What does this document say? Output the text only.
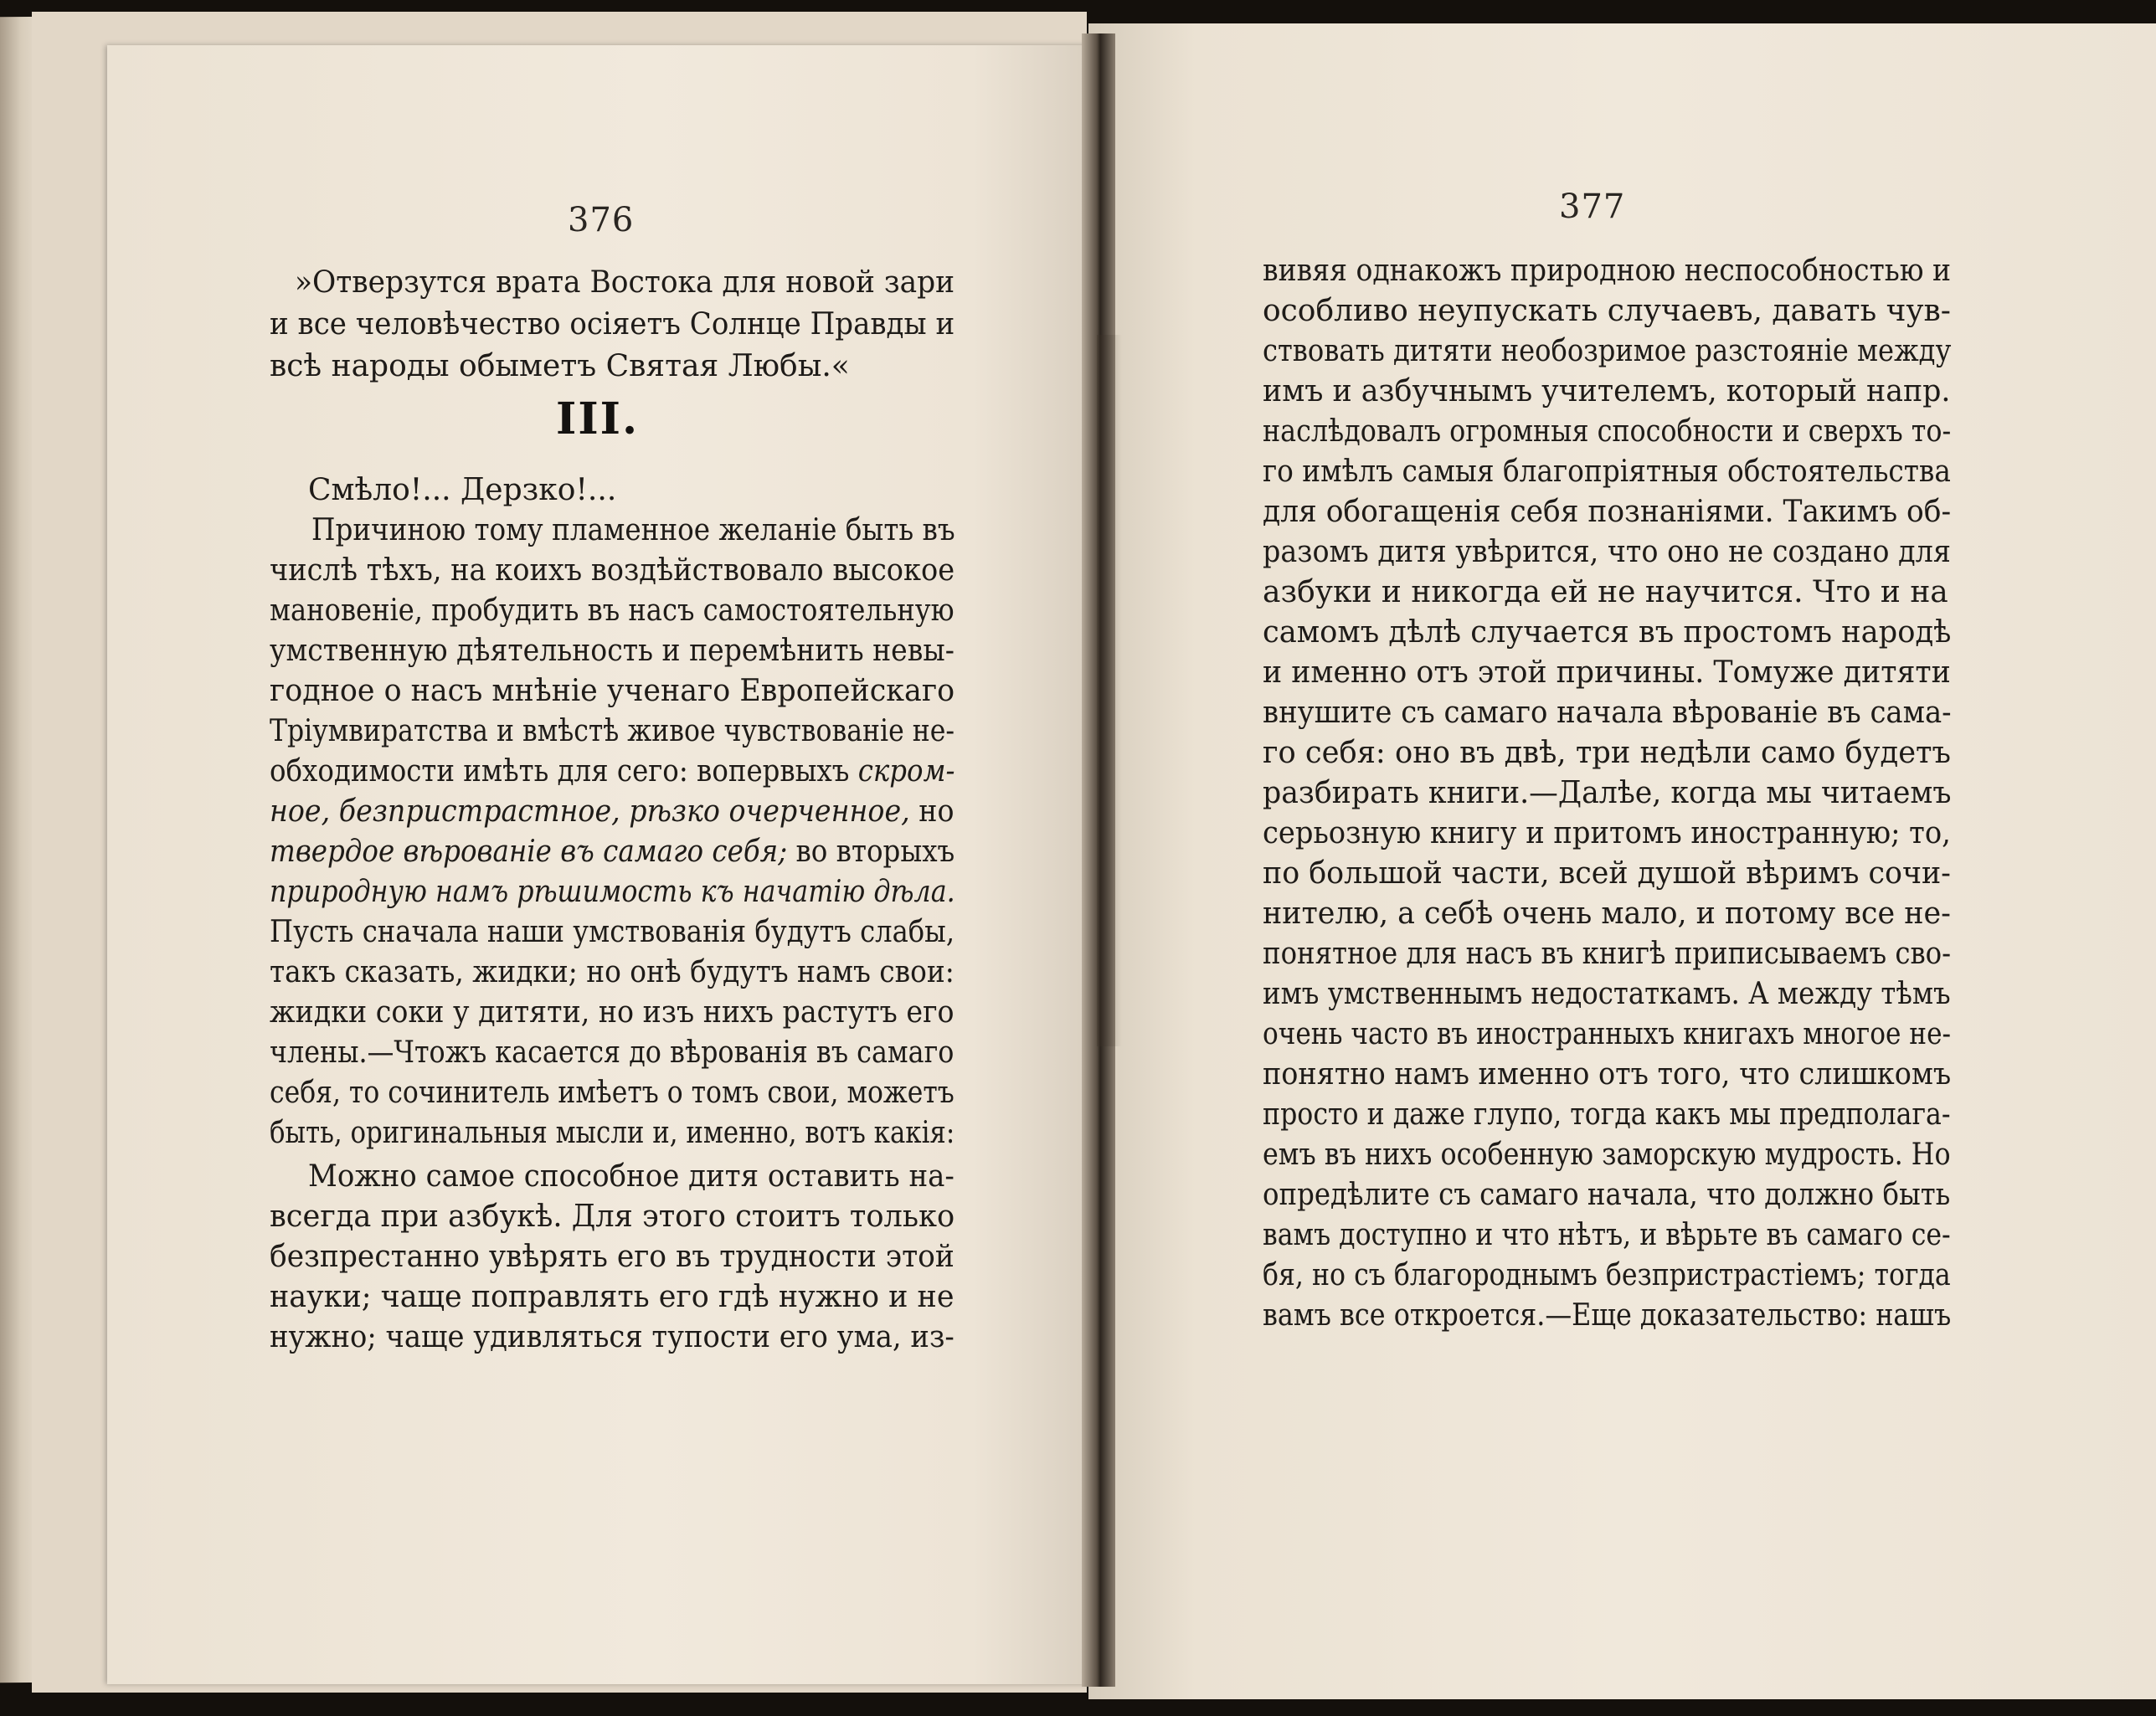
376
»Отверзутся врата Востока для новой зари
и все человѣчество осіяетъ Солнце Правды и
всѣ народы обыметъ Святая Любы.«
III.
Смѣло!... Дерзко!...
Причиною тому пламенное желаніе быть въ
числѣ тѣхъ, на коихъ воздѣйствовало высокое
мановеніе, пробудить въ насъ самостоятельную
умственную дѣятельность и перемѣнить невы-
годное о насъ мнѣніе ученаго Европейскаго
Тріумвиратства и вмѣстѣ живое чувствованіе не-
обходимости имѣть для сего: вопервыхъ скром-
ное, безпристрастное, рѣзко очерченное, но
твердое вѣрованіе въ самаго себя; во вторыхъ
природную намъ рѣшимость къ начатію дѣла.
Пусть сначала наши умствованія будутъ слабы,
такъ сказать, жидки; но онѣ будутъ намъ свои:
жидки соки у дитяти, но изъ нихъ растутъ его
члены.—Чтожъ касается до вѣрованія въ самаго
себя, то сочинитель имѣетъ о томъ свои, можетъ
быть, оригинальныя мысли и, именно, вотъ какія:
Можно самое способное дитя оставить на-
всегда при азбукѣ. Для этого стоитъ только
безпрестанно увѣрять его въ трудности этой
науки; чаще поправлять его гдѣ нужно и не
нужно; чаще удивляться тупости его ума, из-
377
вивяя однакожъ природною неспособностью и
особливо неупускать случаевъ, давать чув-
ствовать дитяти необозримое разстояніе между
имъ и азбучнымъ учителемъ, который напр.
наслѣдовалъ огромныя способности и сверхъ то-
го имѣлъ самыя благопріятныя обстоятельства
для обогащенія себя познаніями. Такимъ об-
разомъ дитя увѣрится, что оно не создано для
азбуки и никогда ей не научится. Что и на
самомъ дѣлѣ случается въ простомъ народѣ
и именно отъ этой причины. Томуже дитяти
внушите съ самаго начала вѣрованіе въ сама-
го себя: оно въ двѣ, три недѣли само будетъ
разбирать книги.—Далѣе, когда мы читаемъ
серьозную книгу и притомъ иностранную; то,
по большой части, всей душой вѣримъ сочи-
нителю, а себѣ очень мало, и потому все не-
понятное для насъ въ книгѣ приписываемъ сво-
имъ умственнымъ недостаткамъ. А между тѣмъ
очень часто въ иностранныхъ книгахъ многое не-
понятно намъ именно отъ того, что слишкомъ
просто и даже глупо, тогда какъ мы предполага-
емъ въ нихъ особенную заморскую мудрость. Но
опредѣлите съ самаго начала, что должно быть
вамъ доступно и что нѣтъ, и вѣрьте въ самаго се-
бя, но съ благороднымъ безпристрастіемъ; тогда
вамъ все откроется.—Еще доказательство: нашъ
